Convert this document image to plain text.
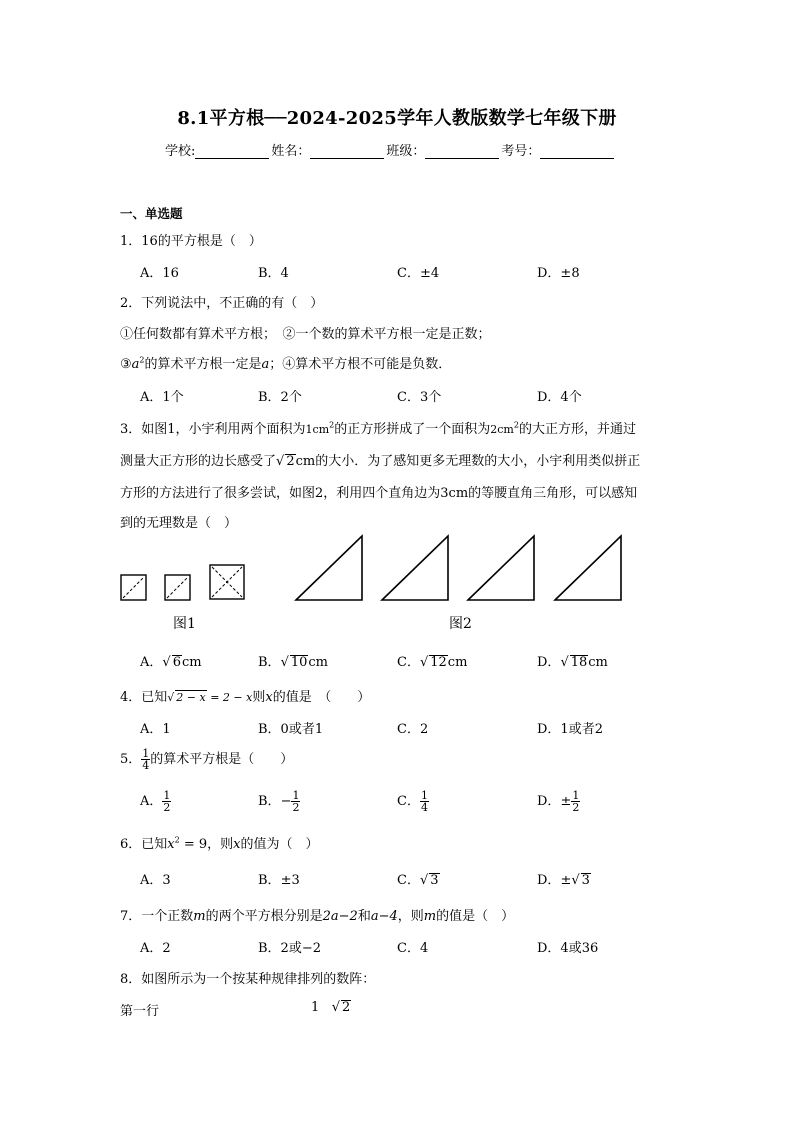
8.1平方根──2024-2025学年人教版数学七年级下册
学校:	姓名：	班级：	考号：
一、单选题
1．16的平方根是（　）
A．16	B．4	C．±4	D．±8
2．下列说法中，不正确的有（　）
①任何数都有算术平方根；　②一个数的算术平方根一定是正数；
$③a^2$的算术平方根一定是a；④算术平方根不可能是负数．
A．1个	B．2个	C．3个	D．4个
3．如图1，小宇利用两个面积为$1cm^2$的正方形拼成了一个面积为$2cm^2$的大正方形，并通过
测量大正方形的边长感受了√ 2cm的大小．为了感知更多无理数的大小，小宇利用类似拼正
方形的方法进行了很多尝试，如图2，利用四个直角边为3cm的等腰直角三角形，可以感知
到的无理数是（　）
图1	图2
A．√ 6cm	B．√ 10cm	C．√ 12cm	D．√ 18cm
4．已知√ 2 − x = 2 − x则x的值是　（　　）
A．1	B．0或者1	C．2	D．1或者2
5． $\frac{1}{4}$ 的算术平方根是（　　）
A． $\frac{1}{2}$	B．− $\frac{1}{2}$	C． $\frac{1}{4}$	D．± $\frac{1}{2}$
6．已知$x^2 = 9$，则x的值为（　）
A．3	B．±3	C．√ 3	D．±√ 3
7．一个正数m的两个平方根分别是2a−2和a−4，则m的值是（　）
A．2	B．2或−2	C．4	D．4或36
8．如图所示为一个按某种规律排列的数阵：
第一行	1 √ 2
